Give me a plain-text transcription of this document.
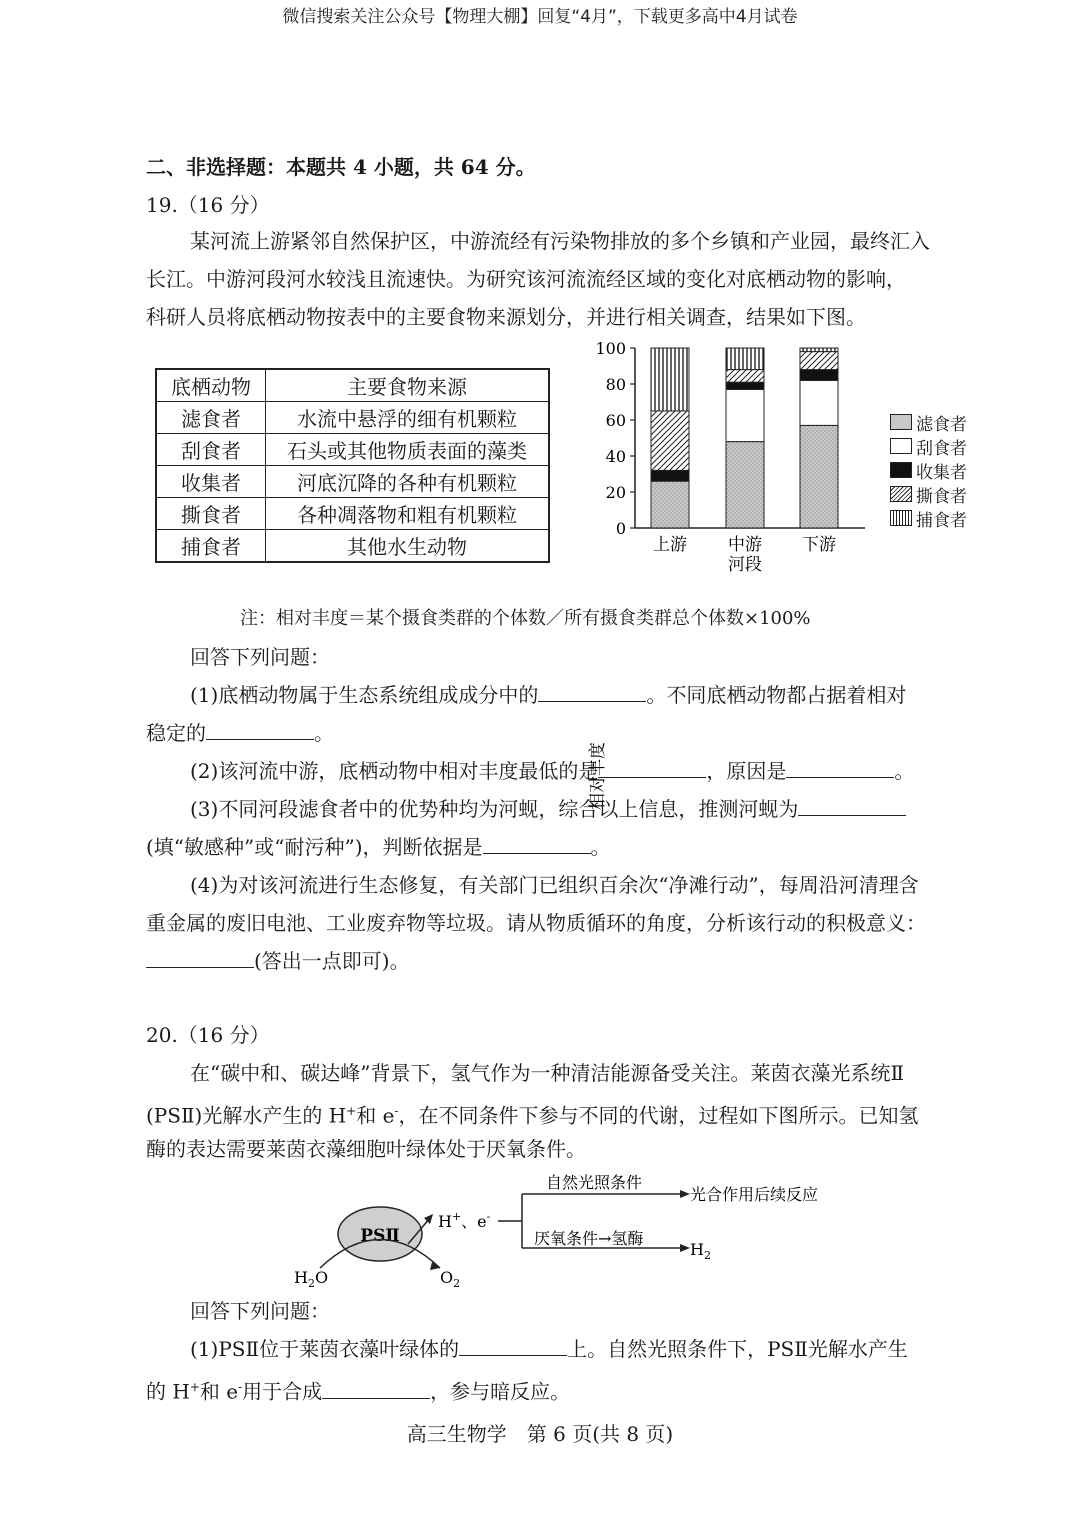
微信搜索关注公众号【物理大棚】回复“4月”，下载更多高中4月试卷
二、非选择题：本题共 4 小题，共 64 分。
19.（16 分）
某河流上游紧邻自然保护区，中游流经有污染物排放的多个乡镇和产业园，最终汇入
长江。中游河段河水较浅且流速快。为研究该河流流经区域的变化对底栖动物的影响，
科研人员将底栖动物按表中的主要食物来源划分，并进行相关调查，结果如下图。
底栖动物	主要食物来源
滤食者	水流中悬浮的细有机颗粒
刮食者	石头或其他物质表面的藻类
收集者	河底沉降的各种有机颗粒
撕食者	各种凋落物和粗有机颗粒
捕食者	其他水生动物
相对丰度
0
20
40
60
80
100
上游 中游
河段
下游
滤食者
刮食者
收集者
撕食者
捕食者
注：相对丰度＝某个摄食类群的个体数／所有摄食类群总个体数×100%
回答下列问题：
(1)底栖动物属于生态系统组成成分中的	。不同底栖动物都占据着相对
稳定的	。
(2)该河流中游，底栖动物中相对丰度最低的是	，原因是	。
(3)不同河段滤食者中的优势种均为河蚬，综合以上信息，推测河蚬为
(填“敏感种”或“耐污种”)，判断依据是	。
(4)为对该河流进行生态修复，有关部门已组织百余次“净滩行动”，每周沿河清理含
重金属的废旧电池、工业废弃物等垃圾。请从物质循环的角度，分析该行动的积极意义：
(答出一点即可)。
20.（16 分）
在“碳中和、碳达峰”背景下，氢气作为一种清洁能源备受关注。莱茵衣藻光系统Ⅱ
(PSⅡ)光解水产生的 H+和 e-，在不同条件下参与不同的代谢，过程如下图所示。已知氢
酶的表达需要莱茵衣藻细胞叶绿体处于厌氧条件。
PSⅡ
$H_2O$	$O_2$
H+、e-
自然光照条件
光合作用后续反应
厌氧条件→氢酶
$H_2$
回答下列问题：
(1)PSⅡ位于莱茵衣藻叶绿体的	上。自然光照条件下，PSⅡ光解水产生
的 H+和 e-用于合成	，参与暗反应。
高三生物学　第 6 页(共 8 页)
